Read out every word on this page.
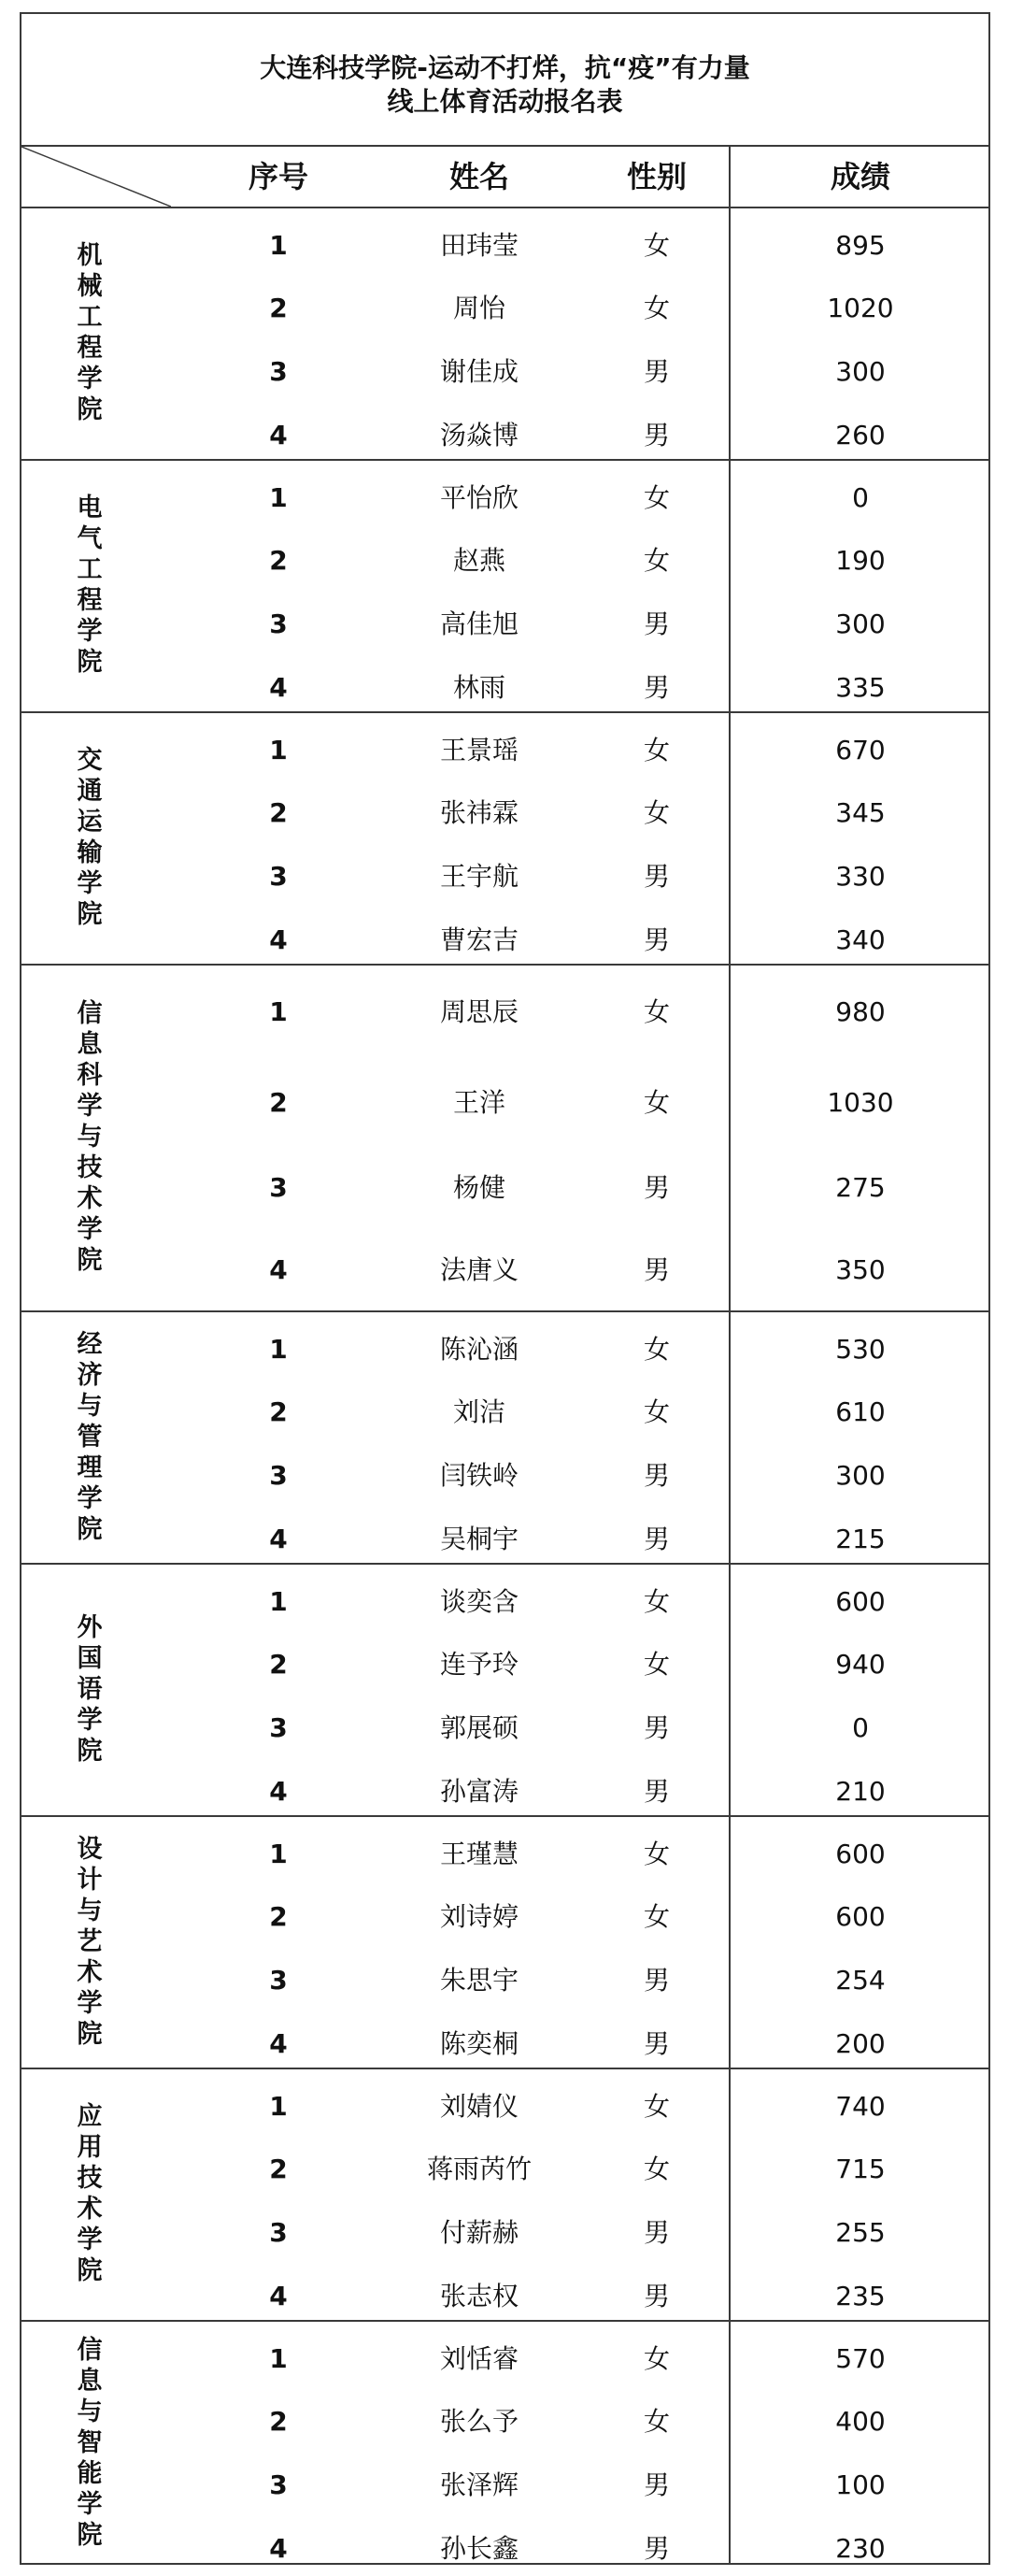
大连科技学院-运动不打烊，抗“疫”有力量
线上体育活动报名表
序号	姓名	性别	成绩
机械工程学院	1	田玮莹	女	895
2	周怡	女	1020
3	谢佳成	男	300
4	汤焱博	男	260
电气工程学院	1	平怡欣	女	0
2	赵燕	女	190
3	高佳旭	男	300
4	林雨	男	335
交通运输学院	1	王景瑶	女	670
2	张祎霖	女	345
3	王宇航	男	330
4	曹宏吉	男	340
信息科学与技术学院	1	周思辰	女	980
2	王洋	女	1030
3	杨健	男	275
4	法唐义	男	350
经济与管理学院	1	陈沁涵	女	530
2	刘洁	女	610
3	闫铁岭	男	300
4	吴桐宇	男	215
外国语学院
1	谈奕含	女	600
2	连予玲	女	940
3	郭展硕	男	0
4	孙富涛	男	210
设计与艺术学院	1	王瑾慧	女	600
2	刘诗婷	女	600
3	朱思宇	男	254
4	陈奕桐	男	200
应用技术学院	1	刘婧仪	女	740
2	蒋雨芮竹	女	715
3	付薪赫	男	255
4	张志权	男	235
信息与智能学院	1	刘恬睿	女	570
2	张么予	女	400
3	张泽辉	男	100
4	孙长鑫	男	230
